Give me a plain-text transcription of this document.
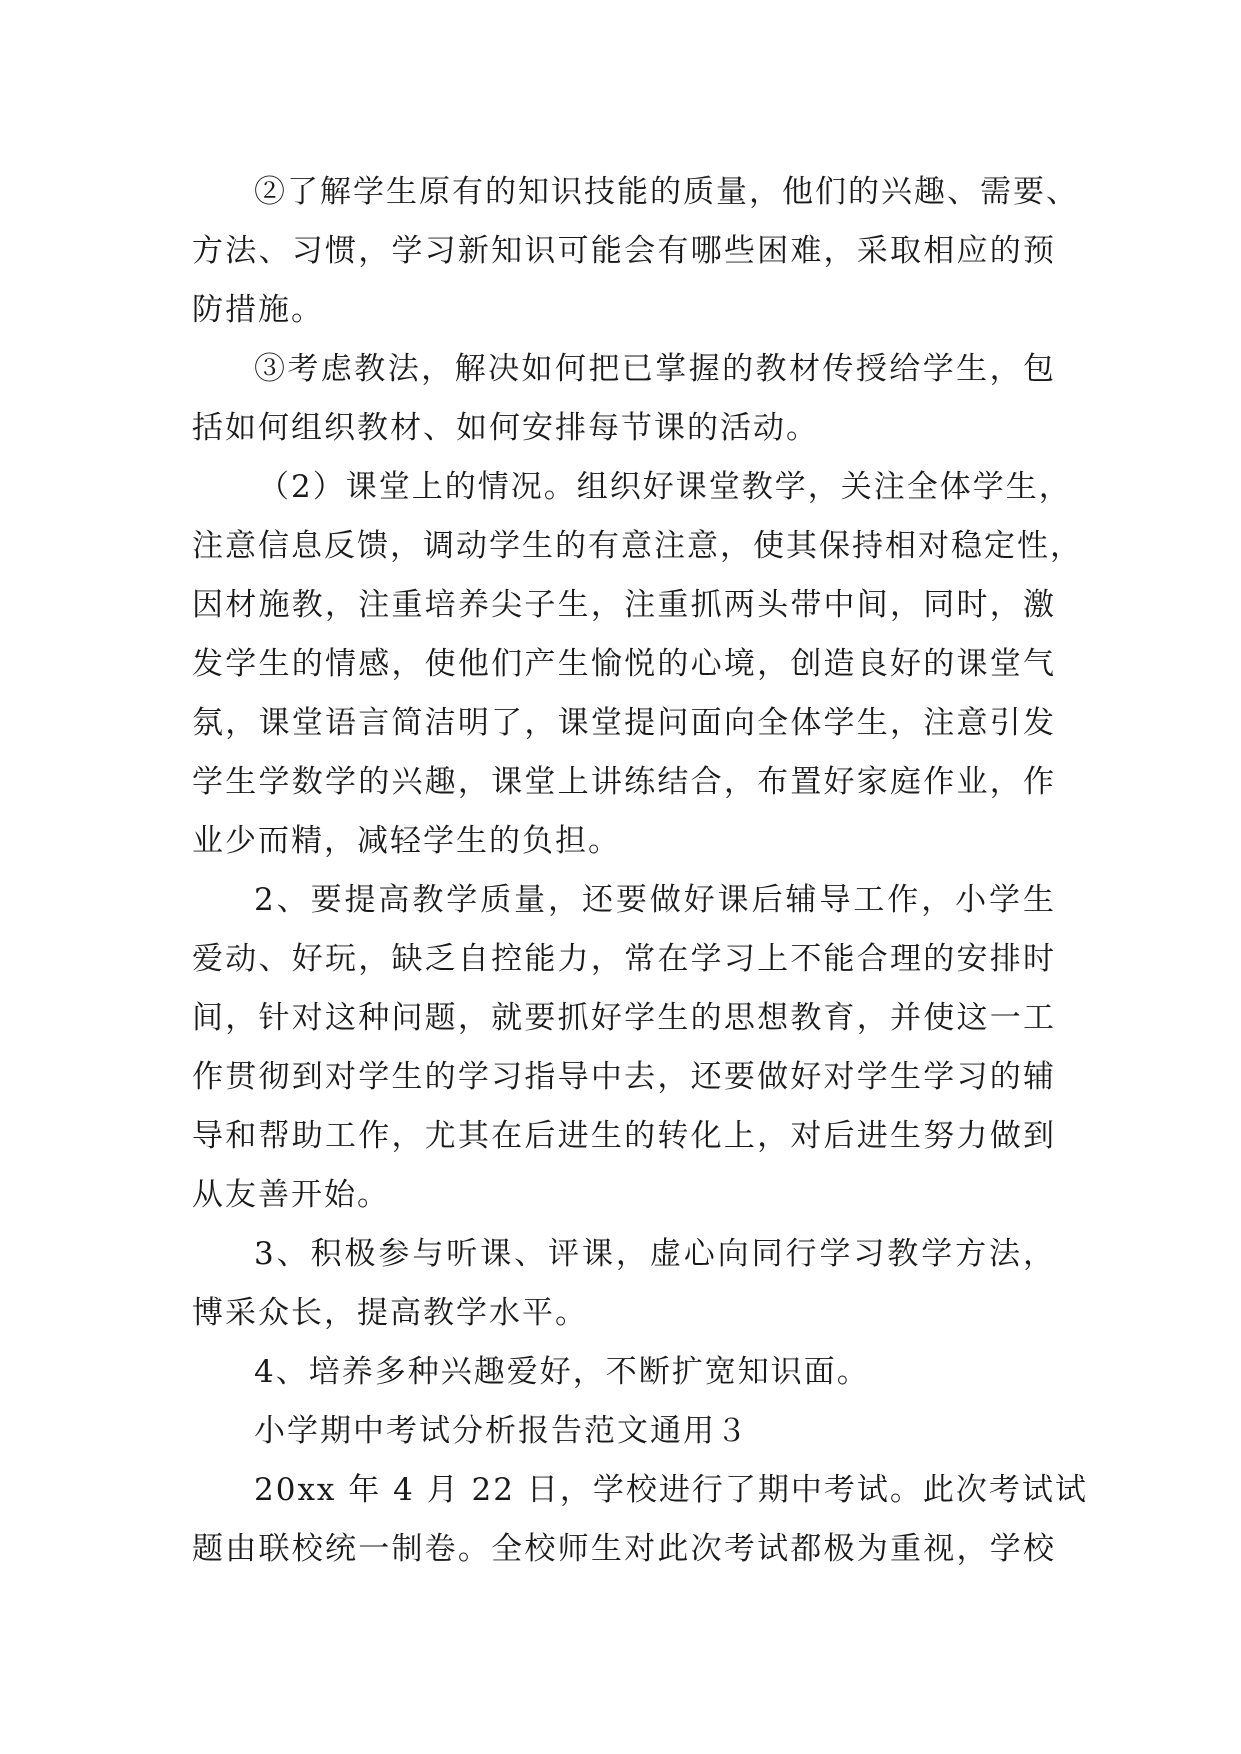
②了解学生原有的知识技能的质量，他们的兴趣、需要、
方法、习惯，学习新知识可能会有哪些困难，采取相应的预
防措施。
③考虑教法，解决如何把已掌握的教材传授给学生，包
括如何组织教材、如何安排每节课的活动。
（2）课堂上的情况。组织好课堂教学，关注全体学生，
注意信息反馈，调动学生的有意注意，使其保持相对稳定性，
因材施教，注重培养尖子生，注重抓两头带中间，同时，激
发学生的情感，使他们产生愉悦的心境，创造良好的课堂气
氛，课堂语言简洁明了，课堂提问面向全体学生，注意引发
学生学数学的兴趣，课堂上讲练结合，布置好家庭作业，作
业少而精，减轻学生的负担。
2、要提高教学质量，还要做好课后辅导工作，小学生
爱动、好玩，缺乏自控能力，常在学习上不能合理的安排时
间，针对这种问题，就要抓好学生的思想教育，并使这一工
作贯彻到对学生的学习指导中去，还要做好对学生学习的辅
导和帮助工作，尤其在后进生的转化上，对后进生努力做到
从友善开始。
3、积极参与听课、评课，虚心向同行学习教学方法，
博采众长，提高教学水平。
4、培养多种兴趣爱好，不断扩宽知识面。
小学期中考试分析报告范文通用３
20xx 年 4 月 22 日，学校进行了期中考试。此次考试试
题由联校统一制卷。全校师生对此次考试都极为重视，学校
